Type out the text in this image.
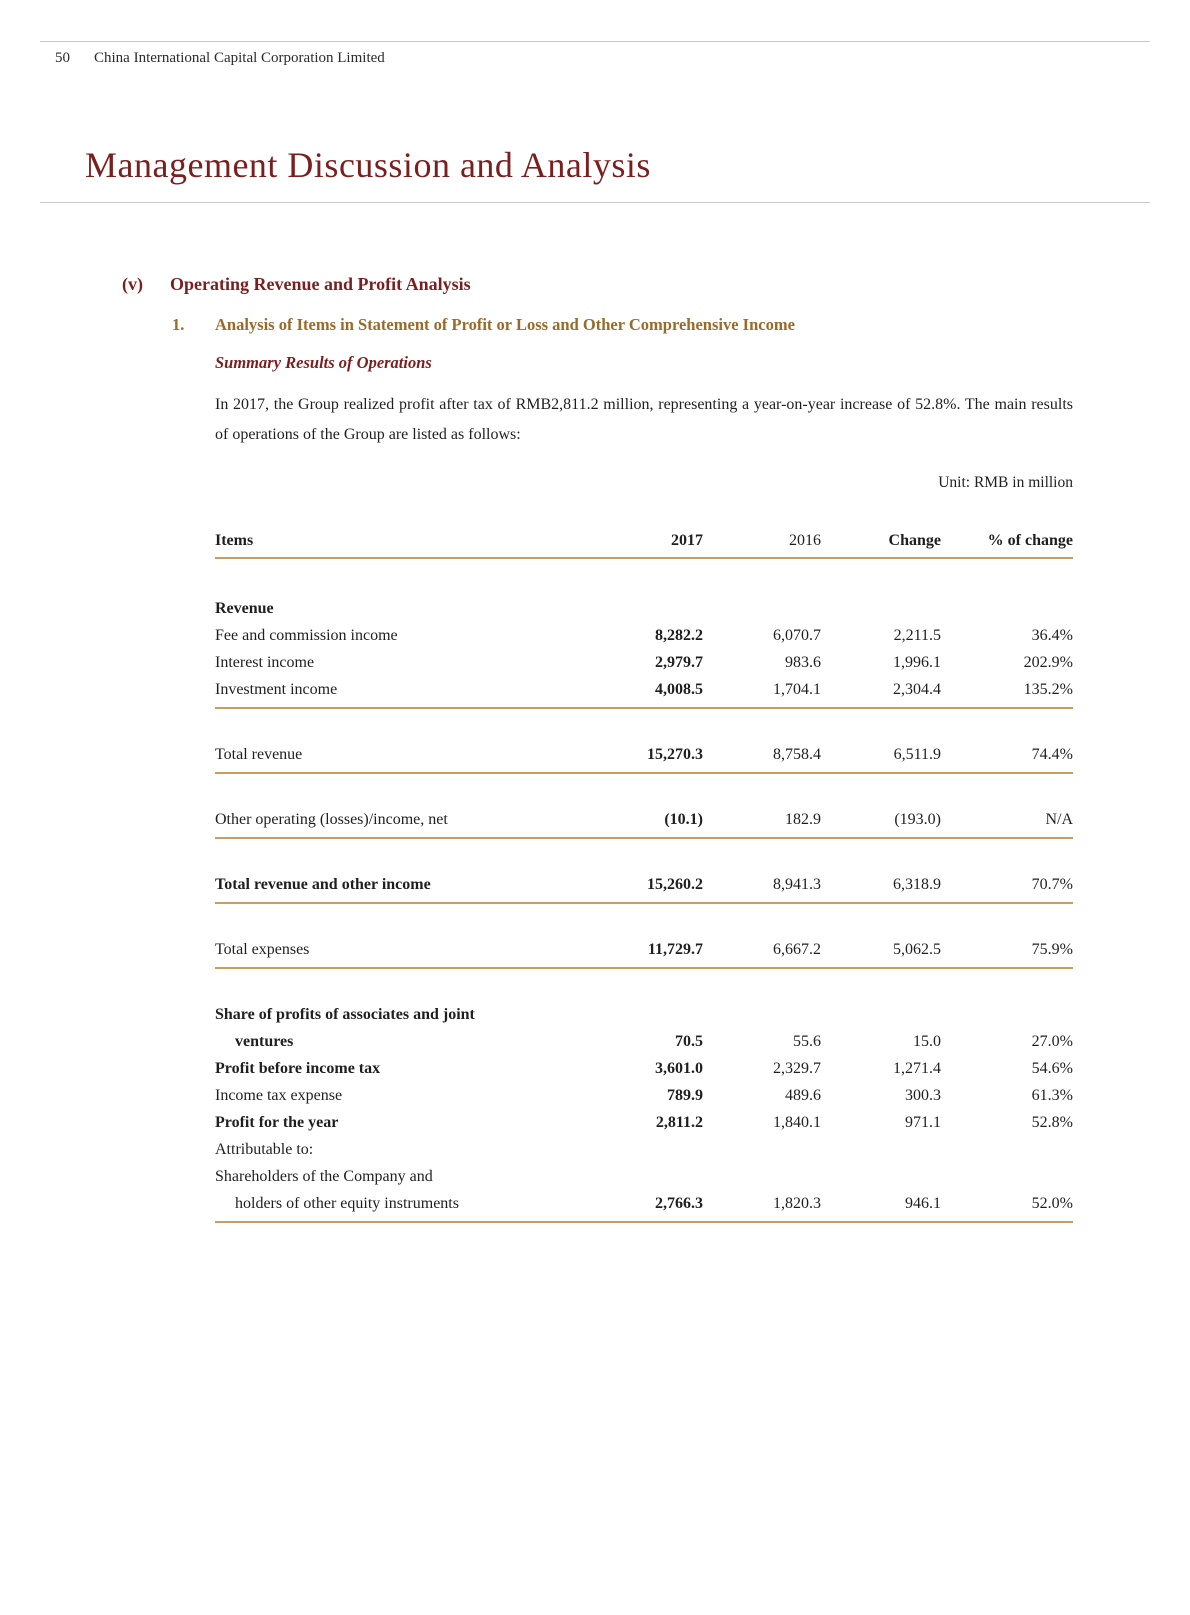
50 China International Capital Corporation Limited
Management Discussion and Analysis
(v) Operating Revenue and Profit Analysis
1. Analysis of Items in Statement of Profit or Loss and Other Comprehensive Income
Summary Results of Operations

In 2017, the Group realized profit after tax of RMB2,811.2 million, representing a year-on-year increase of 52.8%. The main results of operations of the Group are listed as follows:

Unit: RMB in million
Items	2017	2016	Change	% of change
Revenue
Fee and commission income	8,282.2	6,070.7	2,211.5	36.4%
Interest income	2,979.7	983.6	1,996.1	202.9%
Investment income	4,008.5	1,704.1	2,304.4	135.2%
Total revenue	15,270.3	8,758.4	6,511.9	74.4%
Other operating (losses)/income, net	(10.1)	182.9	(193.0)	N/A
Total revenue and other income	15,260.2	8,941.3	6,318.9	70.7%
Total expenses	11,729.7	6,667.2	5,062.5	75.9%
Share of profits of associates and joint
ventures	70.5	55.6	15.0	27.0%
Profit before income tax	3,601.0	2,329.7	1,271.4	54.6%
Income tax expense	789.9	489.6	300.3	61.3%
Profit for the year	2,811.2	1,840.1	971.1	52.8%
Attributable to:
Shareholders of the Company and
holders of other equity instruments	2,766.3	1,820.3	946.1	52.0%
